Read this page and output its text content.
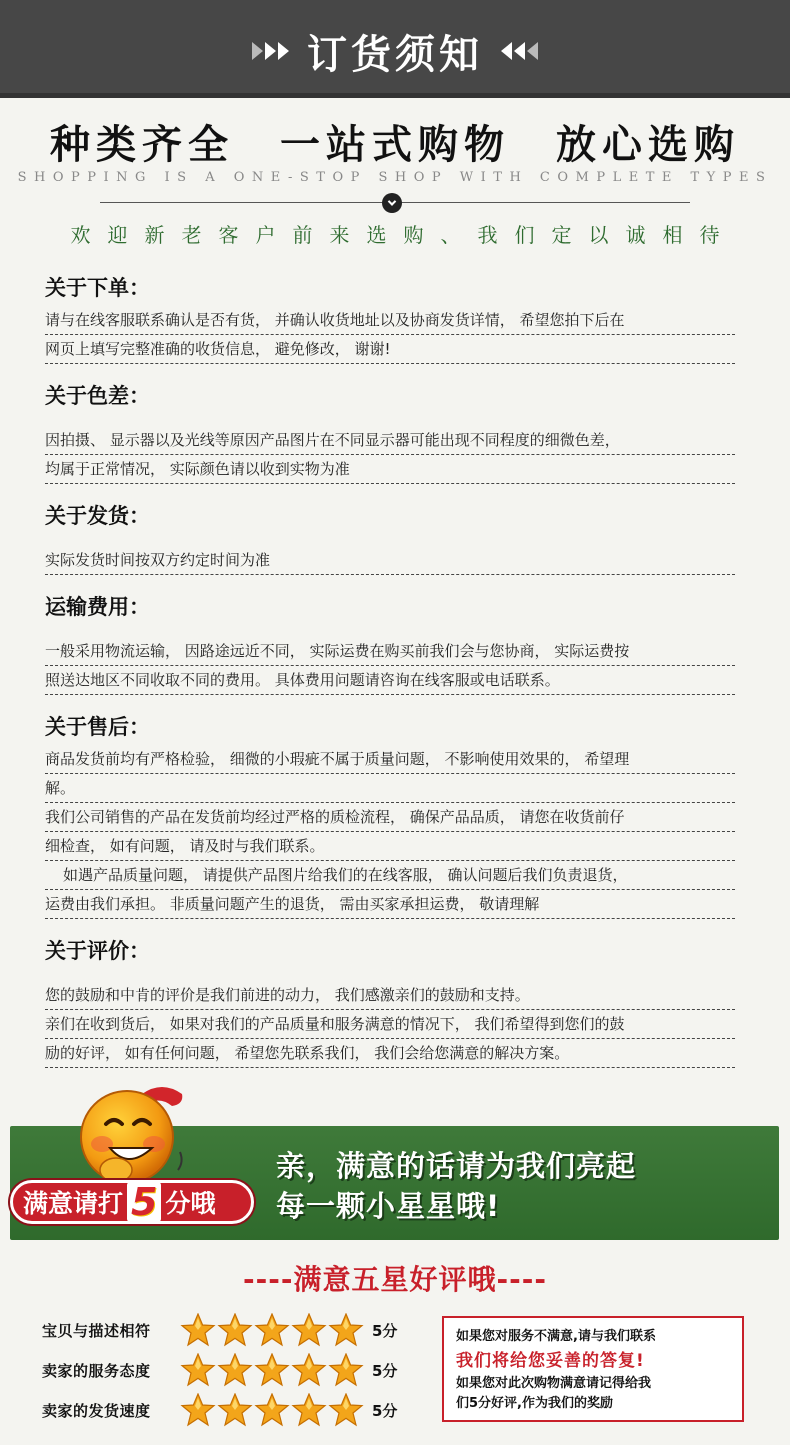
订货须知
种类齐全　一站式购物　放心选购
SHOPPING IS A ONE-STOP SHOP WITH COMPLETE TYPES
欢迎新老客户前来选购、我们定以诚相待
关于下单：
请与在线客服联系确认是否有货， 并确认收货地址以及协商发货详情， 希望您拍下后在
网页上填写完整准确的收货信息， 避免修改， 谢谢!
关于色差：
因拍摄、 显示器以及光线等原因产品图片在不同显示器可能出现不同程度的细微色差，
均属于正常情况， 实际颜色请以收到实物为准
关于发货：
实际发货时间按双方约定时间为准
运输费用：
一般采用物流运输， 因路途远近不同， 实际运费在购买前我们会与您协商， 实际运费按
照送达地区不同收取不同的费用。 具体费用问题请咨询在线客服或电话联系。
关于售后：
商品发货前均有严格检验， 细微的小瑕疵不属于质量问题， 不影响使用效果的， 希望理
解。
我们公司销售的产品在发货前均经过严格的质检流程， 确保产品品质， 请您在收货前仔
细检查， 如有问题， 请及时与我们联系。
如遇产品质量问题， 请提供产品图片给我们的在线客服， 确认问题后我们负责退货，
运费由我们承担。 非质量问题产生的退货， 需由买家承担运费， 敬请理解
关于评价：
您的鼓励和中肯的评价是我们前进的动力， 我们感激亲们的鼓励和支持。
亲们在收到货后， 如果对我们的产品质量和服务满意的情况下， 我们希望得到您们的鼓
励的好评， 如有任何问题， 希望您先联系我们， 我们会给您满意的解决方案。
亲，满意的话请为我们亮起
每一颗小星星哦!
满意请打 5 分哦
----满意五星好评哦----
宝贝与描述相符	5分
卖家的服务态度	5分
卖家的发货速度	5分
如果您对服务不满意,请与我们联系
我们将给您妥善的答复!
如果您对此次购物满意请记得给我
们5分好评,作为我们的奖励
